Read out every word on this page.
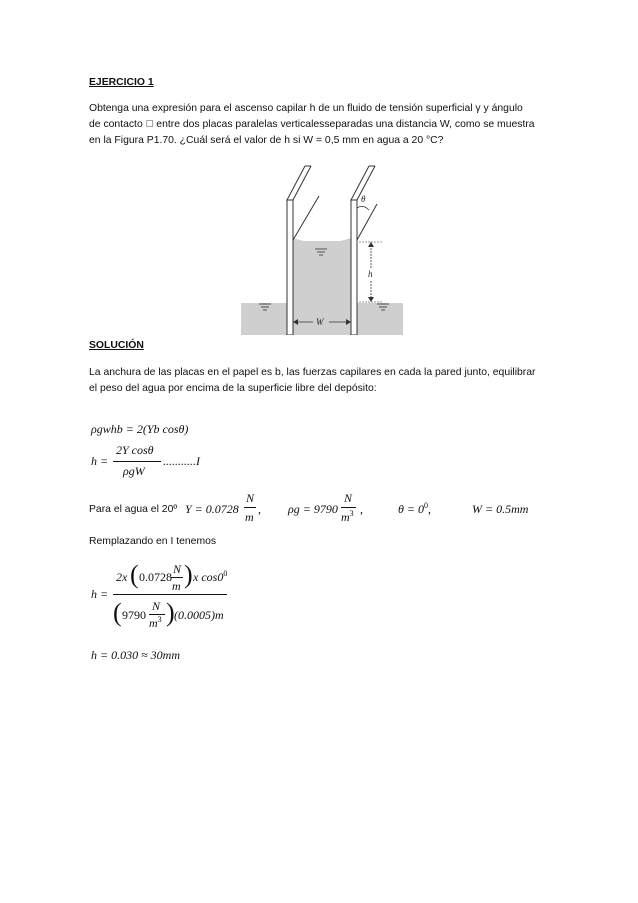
EJERCICIO 1
Obtenga una expresión para el ascenso capilar h de un fluido de tensión superficial γ y ángulo
de contacto   entre dos placas paralelas verticalesseparadas una distancia W, como se muestra
en la Figura P1.70. ¿Cuál será el valor de h si W = 0,5 mm en agua a 20 °C?
θ
h
W
SOLUCIÓN
La anchura de las placas en el papel es b, las fuerzas capilares en cada la pared junto, equilibrar
el peso del agua por encima de la superficie libre del depósito:
ρgwhb = 2(Yb cosθ)
h =
2Y cosθ
ρgW
...........I
Para el agua el 20º Y = 0.0728
N
m
, ρg = 9790
N
$m^3$ ,	$\theta = 0^0$,	W = 0.5mm
Remplazando en I tenemos
h =
2x ( 0.0728
N
m ) x $\cos 0^0$
( 9790
N
$m^3$ ) (0.0005)m
h = 0.030 ≈ 30mm
